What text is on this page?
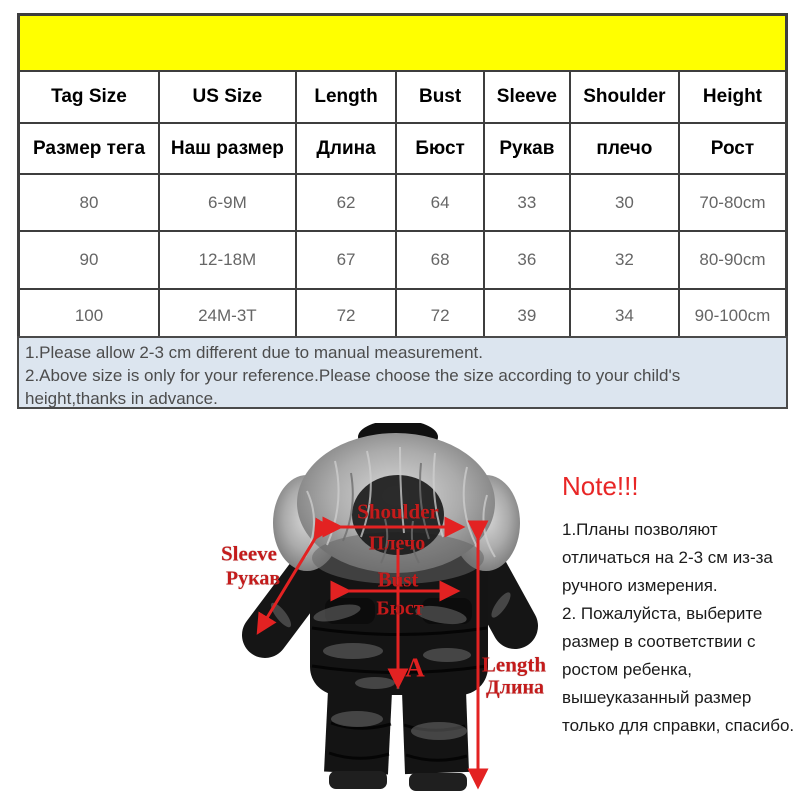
Tag Size	US Size	Length	Bust	Sleeve	Shoulder	Height
Размер тега	Наш размер	Длина	Бюст	Рукав	плечо	Рост
80	6-9M	62	64	33	30	70-80cm
90	12-18M	67	68	36	32	80-90cm
100	24M-3T	72	72	39	34	90-100cm
1.Please allow 2-3 cm different due to manual measurement.
2.Above size is only for your reference.Please choose the size according to your child's height,thanks in advance.
Shoulder
Плечо
Sleeve
Рукав	Bust
Бюст
A	Length
Длина
Note!!!
1.Планы позволяют
отличаться на 2-3 см из-за
ручного измерения.
2. Пожалуйста, выберите
размер в соответствии с
ростом ребенка,
вышеуказанный размер
только для справки, спасибо.
